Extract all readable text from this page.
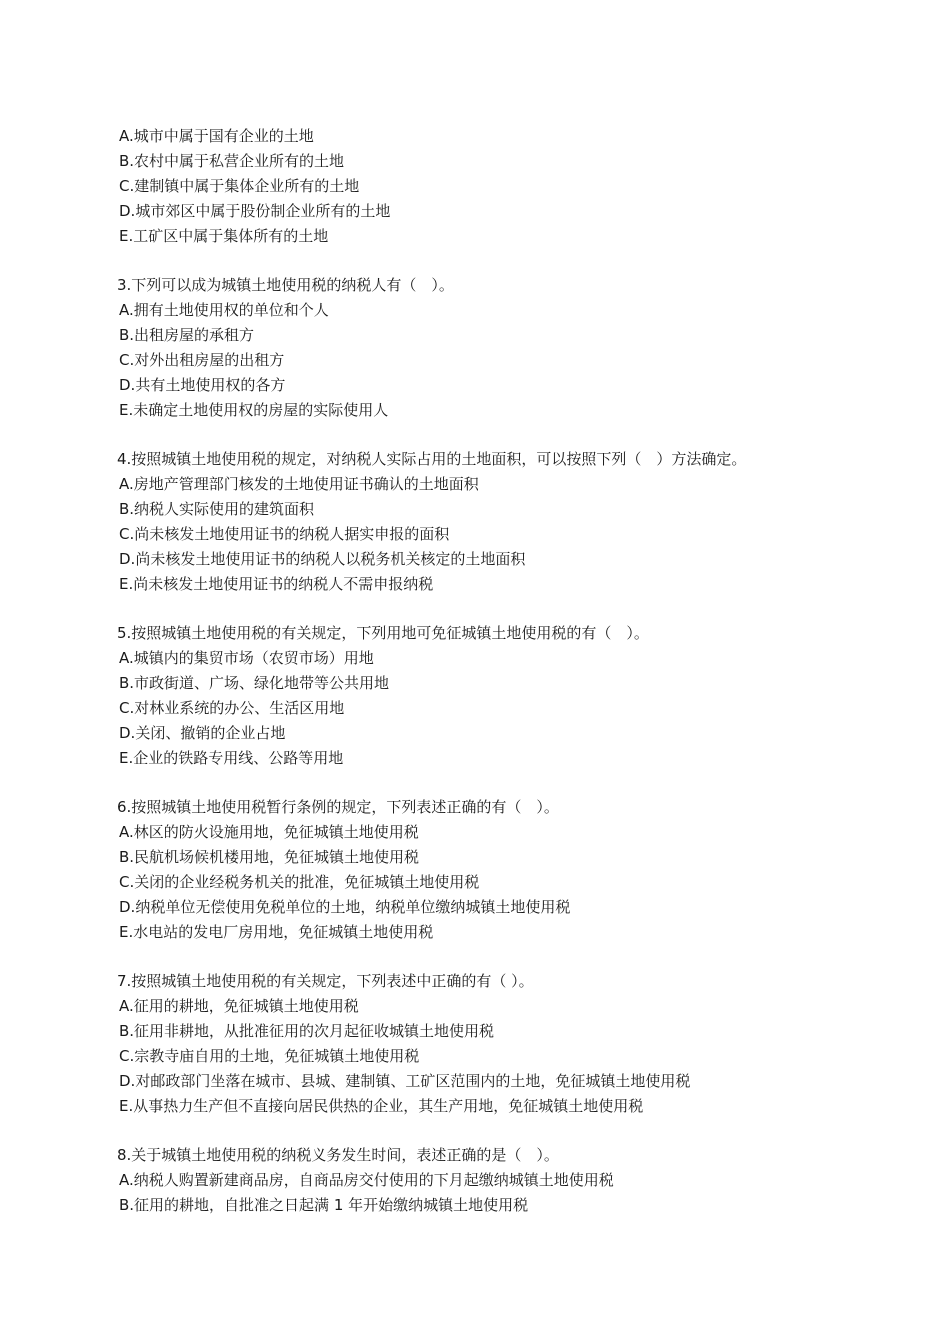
A.城市中属于国有企业的土地
B.农村中属于私营企业所有的土地
C.建制镇中属于集体企业所有的土地
D.城市郊区中属于股份制企业所有的土地
E.工矿区中属于集体所有的土地
3.下列可以成为城镇土地使用税的纳税人有（　）。
A.拥有土地使用权的单位和个人
B.出租房屋的承租方
C.对外出租房屋的出租方
D.共有土地使用权的各方
E.未确定土地使用权的房屋的实际使用人
4.按照城镇土地使用税的规定，对纳税人实际占用的土地面积，可以按照下列（　）方法确定。
A.房地产管理部门核发的土地使用证书确认的土地面积
B.纳税人实际使用的建筑面积
C.尚未核发土地使用证书的纳税人据实申报的面积
D.尚未核发土地使用证书的纳税人以税务机关核定的土地面积
E.尚未核发土地使用证书的纳税人不需申报纳税
5.按照城镇土地使用税的有关规定，下列用地可免征城镇土地使用税的有（　）。
A.城镇内的集贸市场（农贸市场）用地
B.市政街道、广场、绿化地带等公共用地
C.对林业系统的办公、生活区用地
D.关闭、撤销的企业占地
E.企业的铁路专用线、公路等用地
6.按照城镇土地使用税暂行条例的规定，下列表述正确的有（　）。
A.林区的防火设施用地，免征城镇土地使用税
B.民航机场候机楼用地，免征城镇土地使用税
C.关闭的企业经税务机关的批准，免征城镇土地使用税
D.纳税单位无偿使用免税单位的土地，纳税单位缴纳城镇土地使用税
E.水电站的发电厂房用地，免征城镇土地使用税
7.按照城镇土地使用税的有关规定，下列表述中正确的有（ ）。
A.征用的耕地，免征城镇土地使用税
B.征用非耕地，从批准征用的次月起征收城镇土地使用税
C.宗教寺庙自用的土地，免征城镇土地使用税
D.对邮政部门坐落在城市、县城、建制镇、工矿区范围内的土地，免征城镇土地使用税
E.从事热力生产但不直接向居民供热的企业，其生产用地，免征城镇土地使用税
8.关于城镇土地使用税的纳税义务发生时间，表述正确的是（　）。
A.纳税人购置新建商品房，自商品房交付使用的下月起缴纳城镇土地使用税
B.征用的耕地，自批准之日起满 1 年开始缴纳城镇土地使用税
